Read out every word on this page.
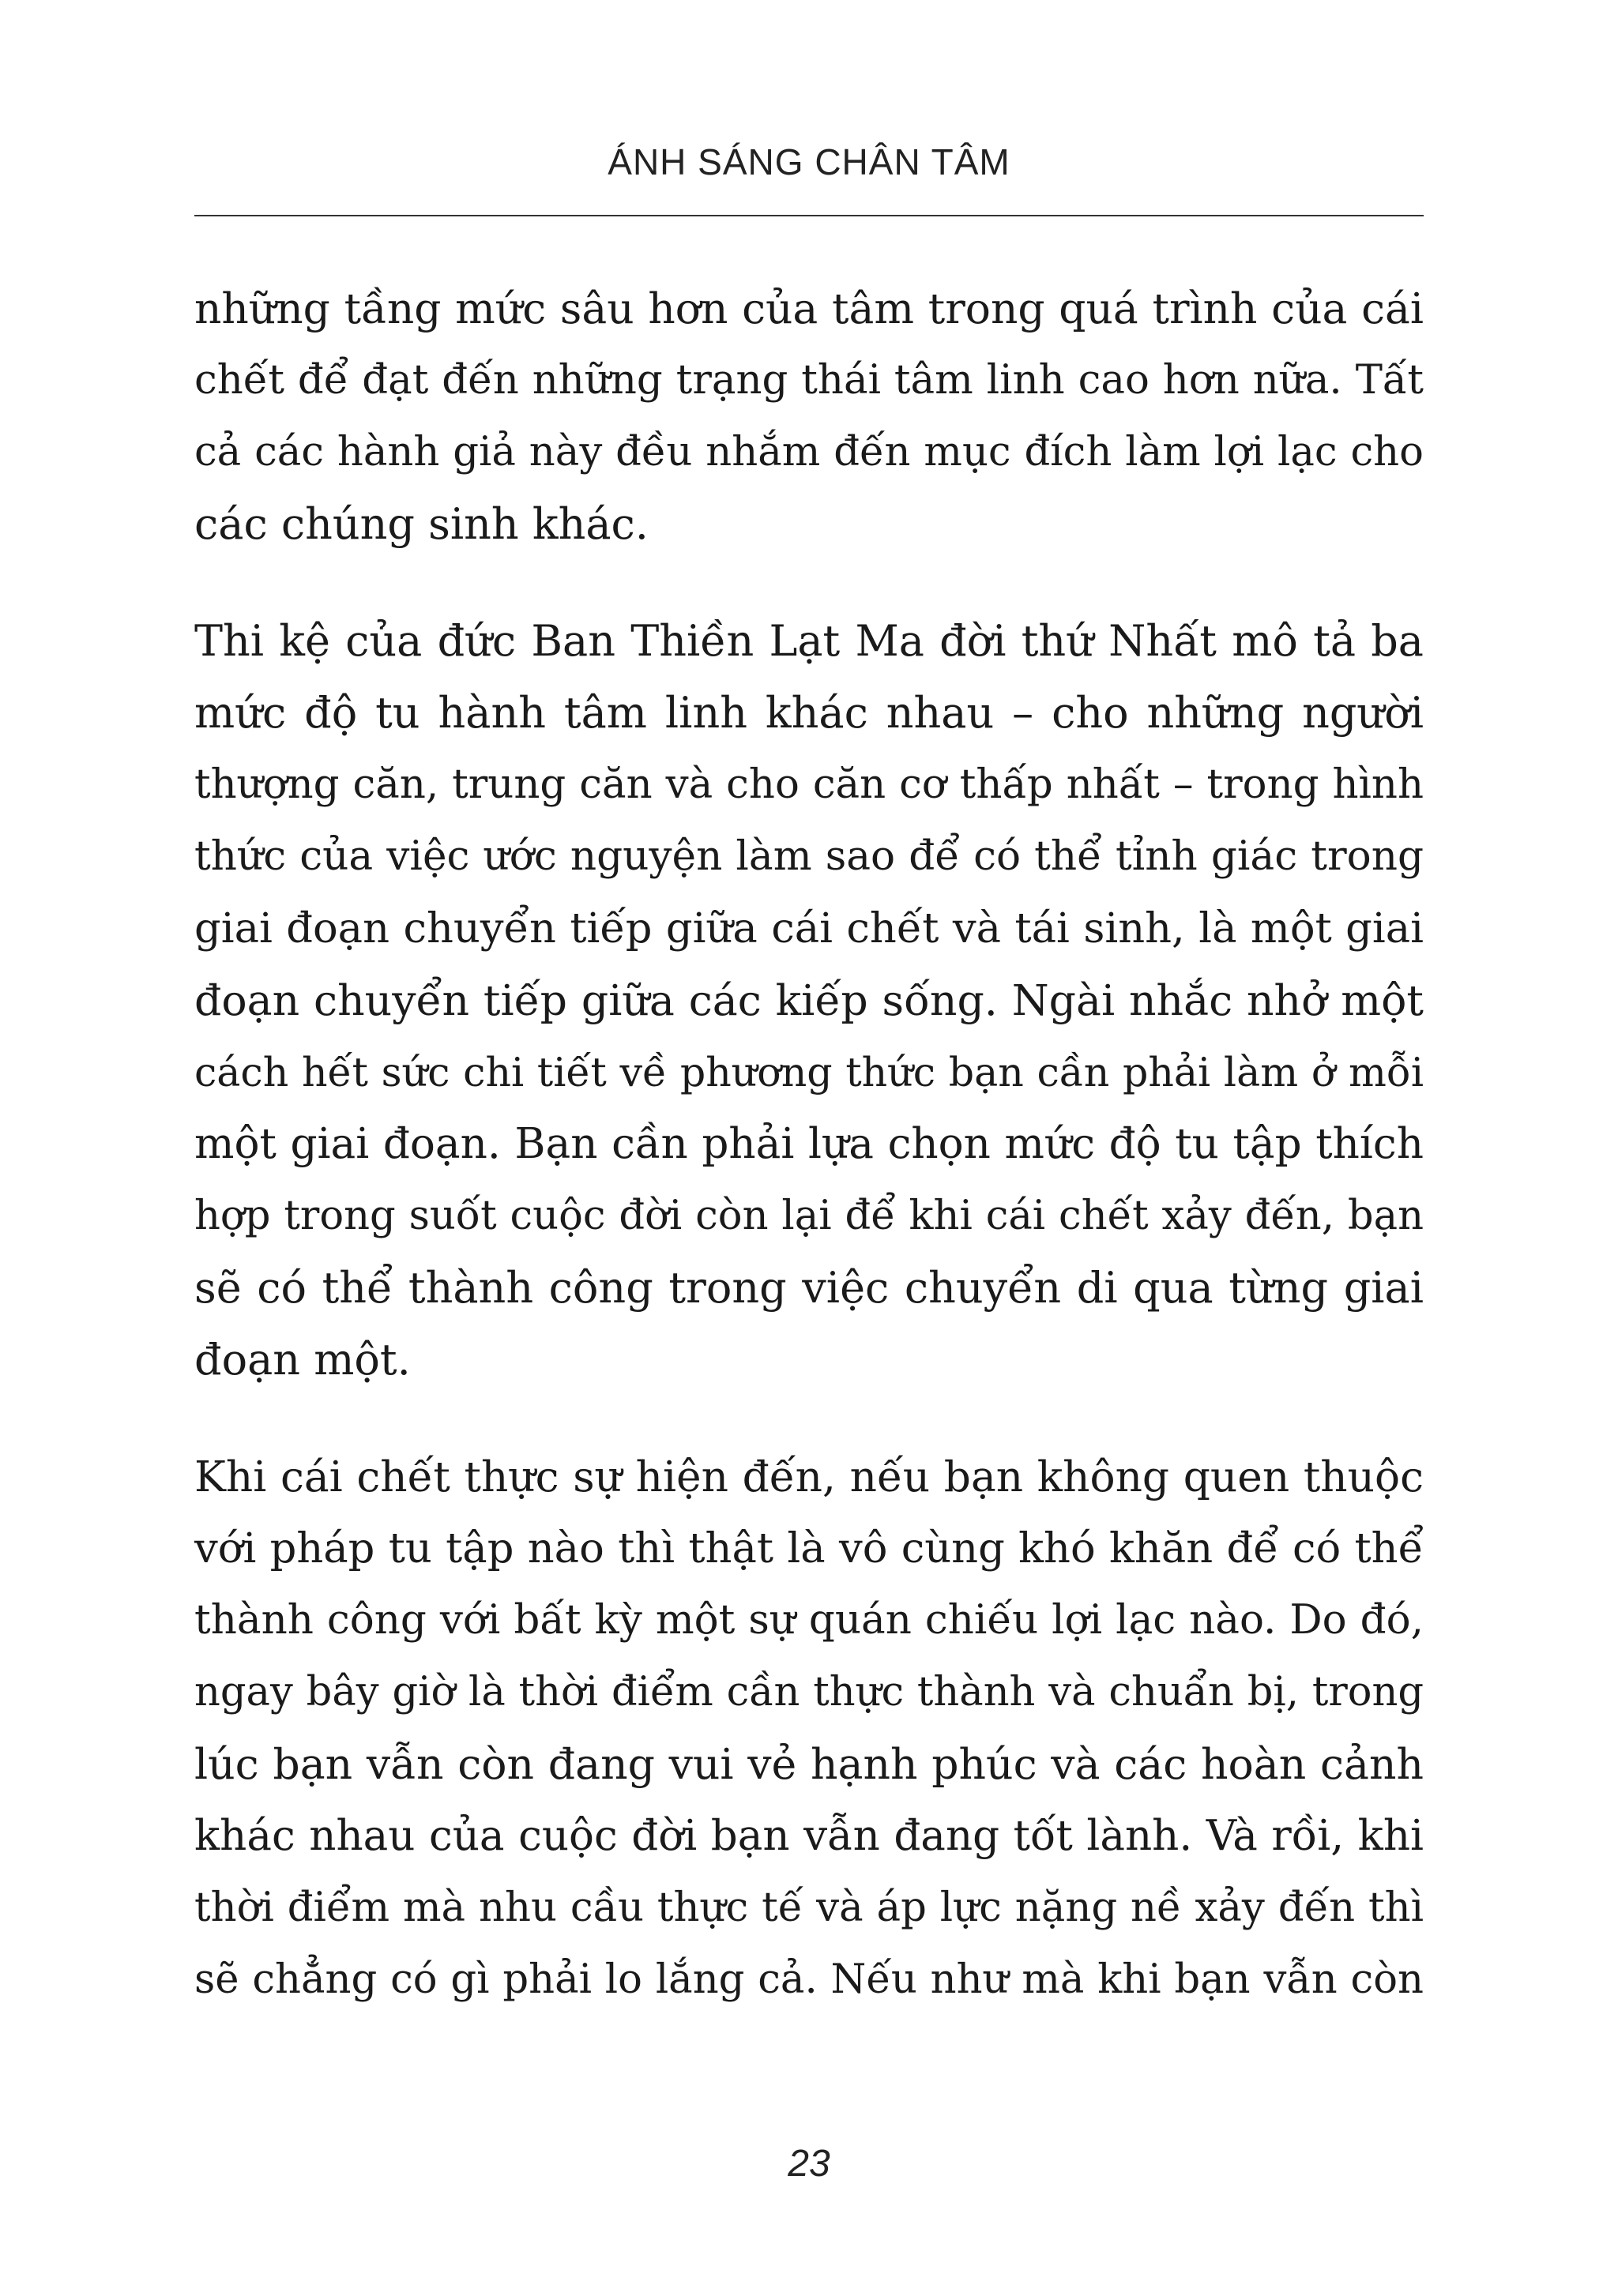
ÁNH SÁNG CHÂN TÂM
những tầng mức sâu hơn của tâm trong quá trình của cái
chết để đạt đến những trạng thái tâm linh cao hơn nữa. Tất
cả các hành giả này đều nhắm đến mục đích làm lợi lạc cho
các chúng sinh khác.
Thi kệ của đức Ban Thiền Lạt Ma đời thứ Nhất mô tả ba
mức độ tu hành tâm linh khác nhau – cho những người
thượng căn, trung căn và cho căn cơ thấp nhất – trong hình
thức của việc ước nguyện làm sao để có thể tỉnh giác trong
giai đoạn chuyển tiếp giữa cái chết và tái sinh, là một giai
đoạn chuyển tiếp giữa các kiếp sống. Ngài nhắc nhở một
cách hết sức chi tiết về phương thức bạn cần phải làm ở mỗi
một giai đoạn. Bạn cần phải lựa chọn mức độ tu tập thích
hợp trong suốt cuộc đời còn lại để khi cái chết xảy đến, bạn
sẽ có thể thành công trong việc chuyển di qua từng giai
đoạn một.
Khi cái chết thực sự hiện đến, nếu bạn không quen thuộc
với pháp tu tập nào thì thật là vô cùng khó khăn để có thể
thành công với bất kỳ một sự quán chiếu lợi lạc nào. Do đó,
ngay bây giờ là thời điểm cần thực thành và chuẩn bị, trong
lúc bạn vẫn còn đang vui vẻ hạnh phúc và các hoàn cảnh
khác nhau của cuộc đời bạn vẫn đang tốt lành. Và rồi, khi
thời điểm mà nhu cầu thực tế và áp lực nặng nề xảy đến thì
sẽ chẳng có gì phải lo lắng cả. Nếu như mà khi bạn vẫn còn
23
